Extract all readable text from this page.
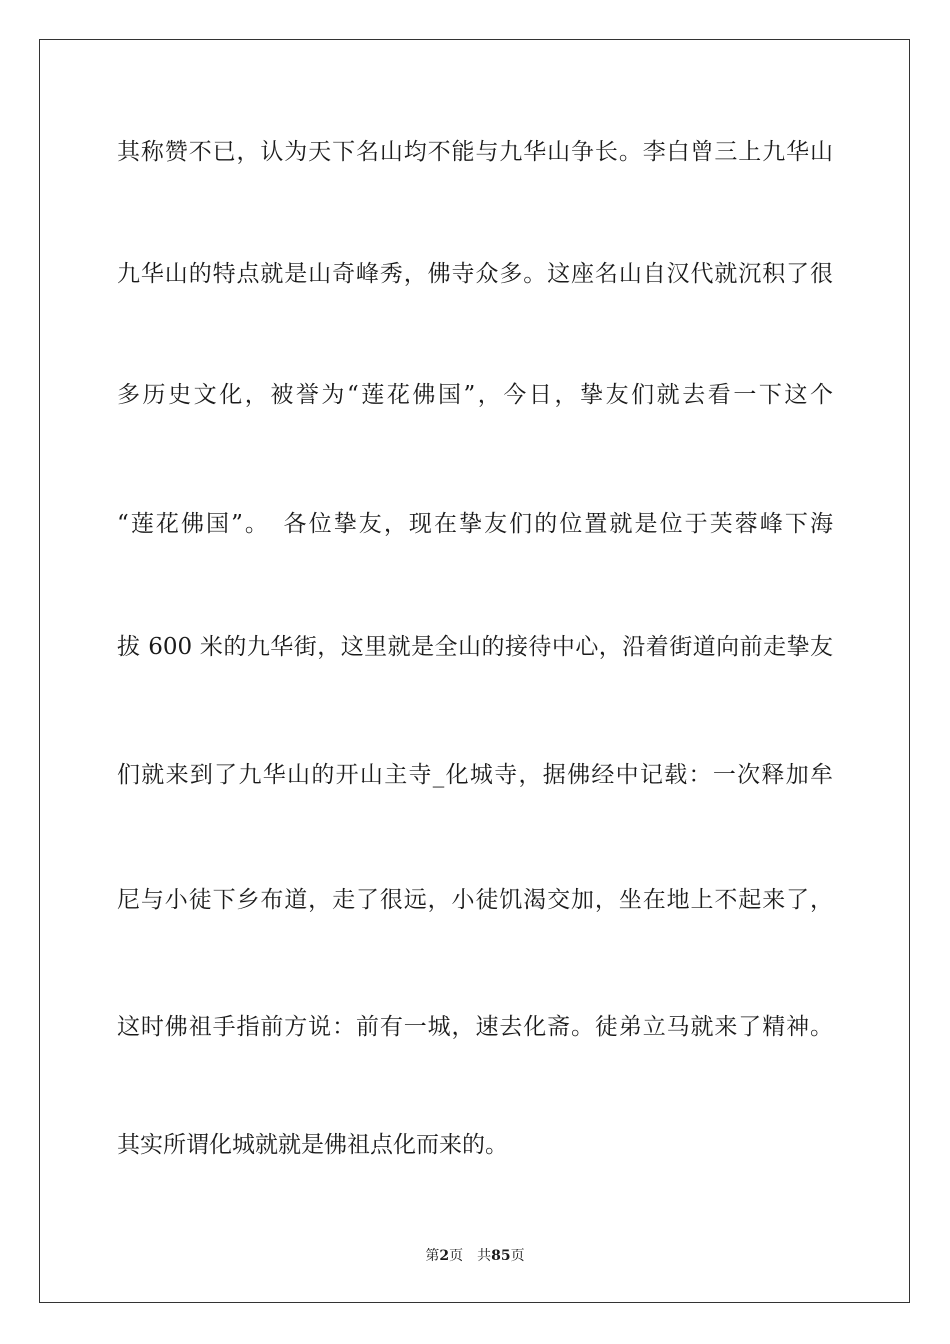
其称赞不已，认为天下名山均不能与九华山争长。李白曾三上九华山
九华山的特点就是山奇峰秀，佛寺众多。这座名山自汉代就沉积了很
多历史文化，被誉为“莲花佛国”，今日，挚友们就去看一下这个
“莲花佛国”。　各位挚友，现在挚友们的位置就是位于芙蓉峰下海
拔 600 米的九华街，这里就是全山的接待中心，沿着街道向前走挚友
们就来到了九华山的开山主寺_化城寺，据佛经中记载：一次释加牟
尼与小徒下乡布道，走了很远，小徒饥渴交加，坐在地上不起来了，
这时佛祖手指前方说：前有一城，速去化斋。徒弟立马就来了精神。
其实所谓化城就就是佛祖点化而来的。
第2页 共85页
